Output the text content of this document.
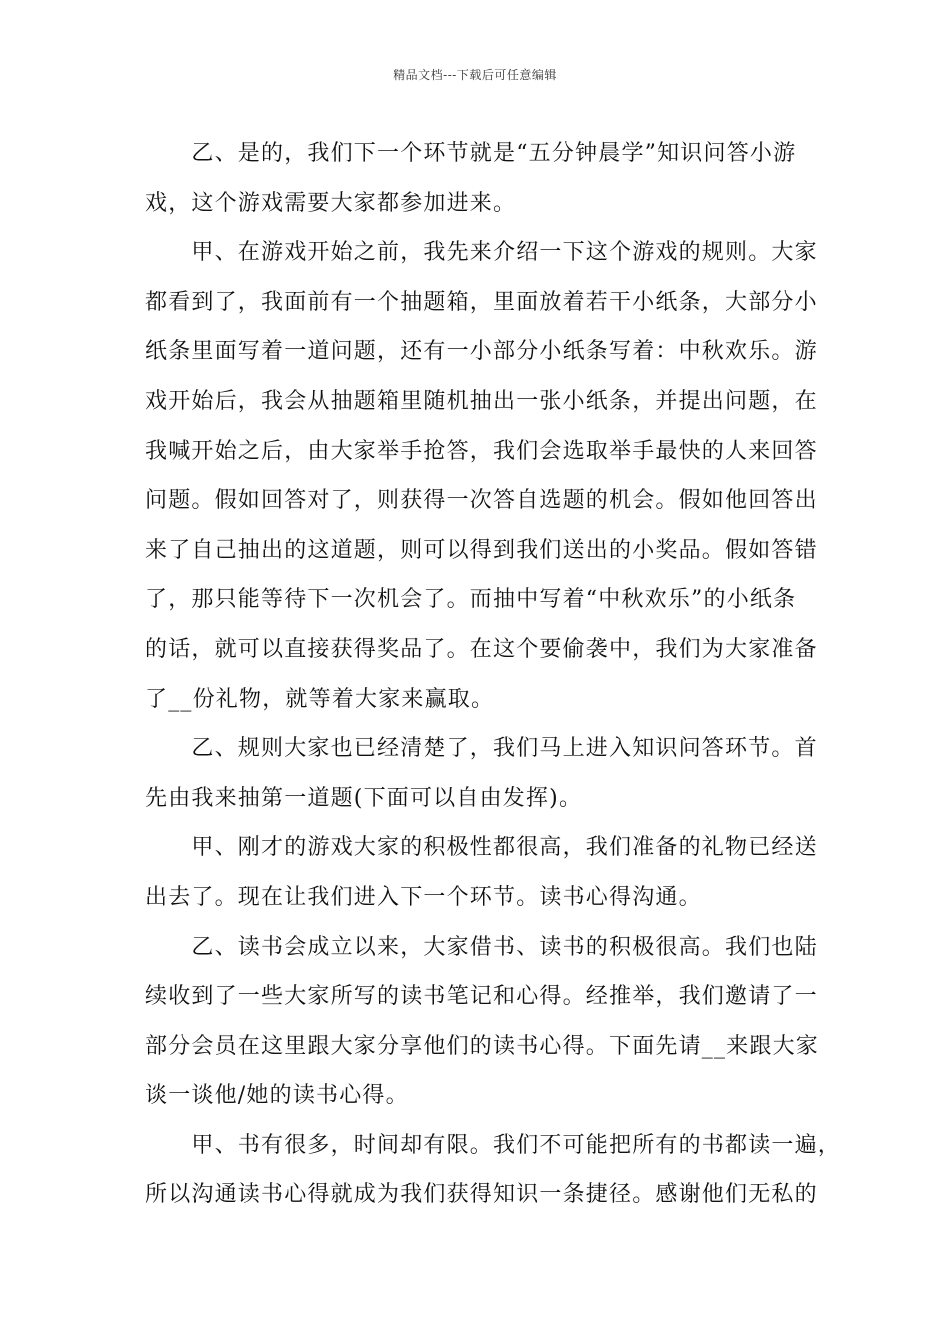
精品文档---下载后可任意编辑

　　乙、是的，我们下一个环节就是“五分钟晨学”知识问答小游
戏，这个游戏需要大家都参加进来。
　　甲、在游戏开始之前，我先来介绍一下这个游戏的规则。大家
都看到了，我面前有一个抽题箱，里面放着若干小纸条，大部分小
纸条里面写着一道问题，还有一小部分小纸条写着：中秋欢乐。游
戏开始后，我会从抽题箱里随机抽出一张小纸条，并提出问题，在
我喊开始之后，由大家举手抢答，我们会选取举手最快的人来回答
问题。假如回答对了，则获得一次答自选题的机会。假如他回答出
来了自己抽出的这道题，则可以得到我们送出的小奖品。假如答错
了，那只能等待下一次机会了。而抽中写着“中秋欢乐”的小纸条
的话，就可以直接获得奖品了。在这个要偷袭中，我们为大家准备
了__份礼物，就等着大家来赢取。
　　乙、规则大家也已经清楚了，我们马上进入知识问答环节。首
先由我来抽第一道题(下面可以自由发挥)。
　　甲、刚才的游戏大家的积极性都很高，我们准备的礼物已经送
出去了。现在让我们进入下一个环节。读书心得沟通。
　　乙、读书会成立以来，大家借书、读书的积极很高。我们也陆
续收到了一些大家所写的读书笔记和心得。经推举，我们邀请了一
部分会员在这里跟大家分享他们的读书心得。下面先请__来跟大家
谈一谈他/她的读书心得。
　　甲、书有很多，时间却有限。我们不可能把所有的书都读一遍，
所以沟通读书心得就成为我们获得知识一条捷径。感谢他们无私的
